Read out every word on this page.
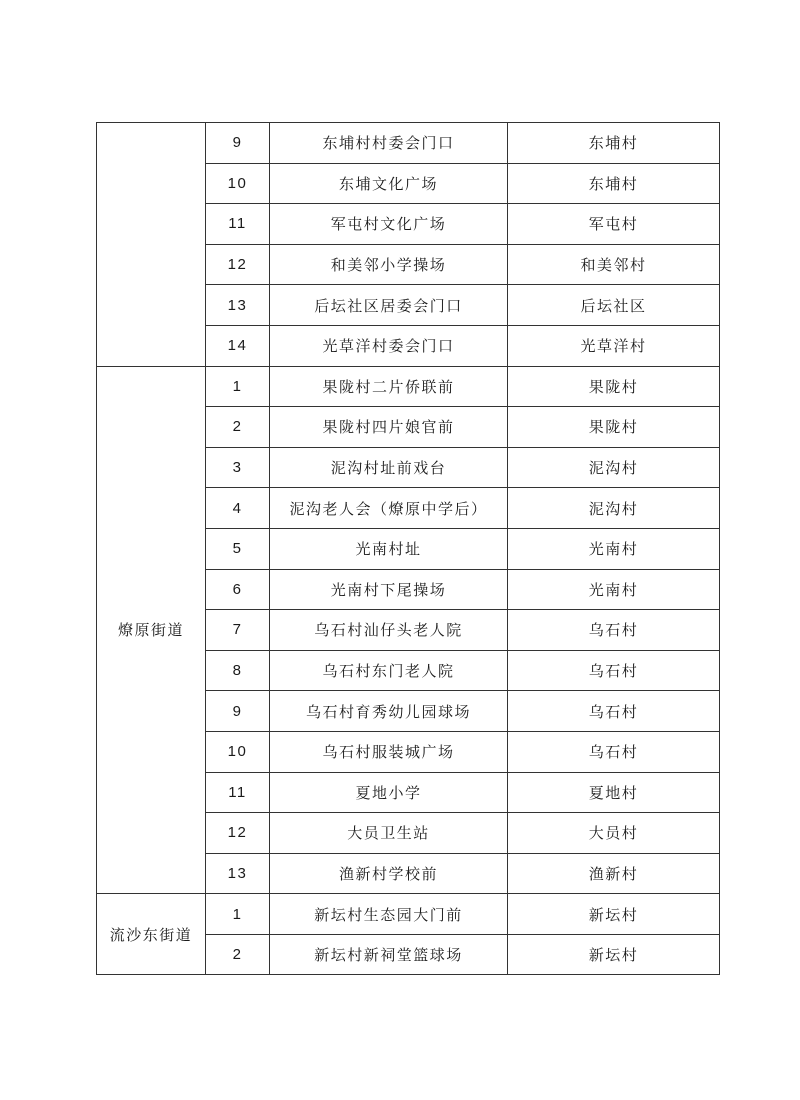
	9	东埔村村委会门口	东埔村
	10	东埔文化广场	东埔村
	11	军屯村文化广场	军屯村
	12	和美邻小学操场	和美邻村
	13	后坛社区居委会门口	后坛社区
	14	光草洋村委会门口	光草洋村
燎原街道	1	果陇村二片侨联前	果陇村
	2	果陇村四片娘官前	果陇村
	3	泥沟村址前戏台	泥沟村
	4	泥沟老人会（燎原中学后）	泥沟村
	5	光南村址	光南村
	6	光南村下尾操场	光南村
	7	乌石村汕仔头老人院	乌石村
	8	乌石村东门老人院	乌石村
	9	乌石村育秀幼儿园球场	乌石村
	10	乌石村服装城广场	乌石村
	11	夏地小学	夏地村
	12	大员卫生站	大员村
	13	渔新村学校前	渔新村
流沙东街道	1	新坛村生态园大门前	新坛村
	2	新坛村新祠堂篮球场	新坛村
